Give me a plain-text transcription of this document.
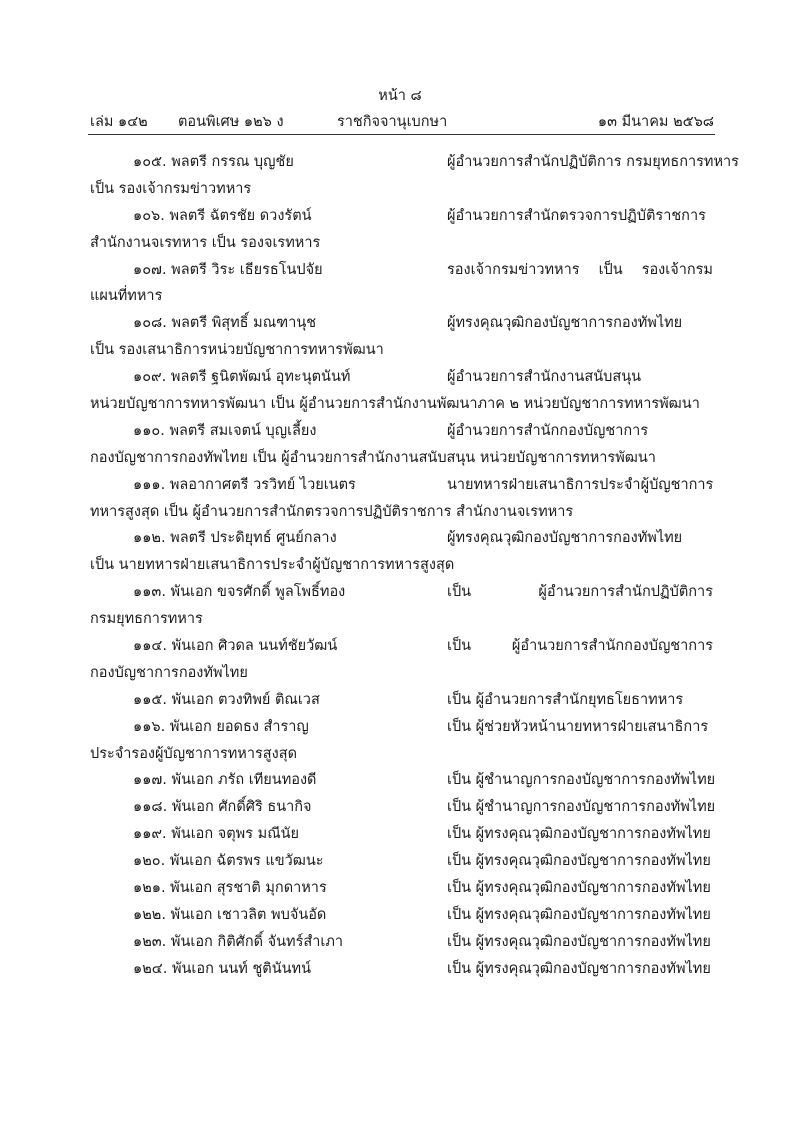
หน้า ๘
เล่ม ๑๔๒ ตอนพิเศษ ๑๒๖ ง	ราชกิจจานุเบกษา	๑๓ มีนาคม ๒๕๖๘
๑๐๕. พลตรี กรรณ บุญชัย	ผู้อำนวยการสำนักปฏิบัติการ กรมยุทธการทหาร
เป็น รองเจ้ากรมข่าวทหาร
๑๐๖. พลตรี ฉัตรชัย ดวงรัตน์	ผู้อำนวยการสำนักตรวจการปฏิบัติราชการ
สำนักงานจเรทหาร เป็น รองจเรทหาร
๑๐๗. พลตรี วิระ เธียรธโนปจัย	รองเจ้ากรมข่าวทหาร เป็น รองเจ้ากรม
แผนที่ทหาร
๑๐๘. พลตรี พิสุทธิ์ มณฑานุช	ผู้ทรงคุณวุฒิกองบัญชาการกองทัพไทย
เป็น รองเสนาธิการหน่วยบัญชาการทหารพัฒนา
๑๐๙. พลตรี ฐนิตพัฒน์ อุทะนุตนันท์	ผู้อำนวยการสำนักงานสนับสนุน
หน่วยบัญชาการทหารพัฒนา เป็น ผู้อำนวยการสำนักงานพัฒนาภาค ๒ หน่วยบัญชาการทหารพัฒนา
๑๑๐. พลตรี สมเจตน์ บุญเลี้ยง	ผู้อำนวยการสำนักกองบัญชาการ
กองบัญชาการกองทัพไทย เป็น ผู้อำนวยการสำนักงานสนับสนุน หน่วยบัญชาการทหารพัฒนา
๑๑๑. พลอากาศตรี วรวิทย์ ไวยเนตร	นายทหารฝ่ายเสนาธิการประจำผู้บัญชาการ
ทหารสูงสุด เป็น ผู้อำนวยการสำนักตรวจการปฏิบัติราชการ สำนักงานจเรทหาร
๑๑๒. พลตรี ประดิยุทธ์ ศูนย์กลาง	ผู้ทรงคุณวุฒิกองบัญชาการกองทัพไทย
เป็น นายทหารฝ่ายเสนาธิการประจำผู้บัญชาการทหารสูงสุด
๑๑๓. พันเอก ขจรศักดิ์ พูลโพธิ์ทอง	เป็น ผู้อำนวยการสำนักปฏิบัติการ
กรมยุทธการทหาร
๑๑๔. พันเอก ศิวดล นนท์ชัยวัฒน์	เป็น ผู้อำนวยการสำนักกองบัญชาการ
กองบัญชาการกองทัพไทย
๑๑๕. พันเอก ตวงทิพย์ ติณเวส	เป็น ผู้อำนวยการสำนักยุทธโยธาทหาร
๑๑๖. พันเอก ยอดธง สำราญ	เป็น ผู้ช่วยหัวหน้านายทหารฝ่ายเสนาธิการ
ประจำรองผู้บัญชาการทหารสูงสุด
๑๑๗. พันเอก ภรัถ เทียนทองดี	เป็น ผู้ชำนาญการกองบัญชาการกองทัพไทย
๑๑๘. พันเอก ศักดิ์ศิริ ธนากิจ	เป็น ผู้ชำนาญการกองบัญชาการกองทัพไทย
๑๑๙. พันเอก จตุพร มณีนัย	เป็น ผู้ทรงคุณวุฒิกองบัญชาการกองทัพไทย
๑๒๐. พันเอก ฉัตรพร แขวัฒนะ	เป็น ผู้ทรงคุณวุฒิกองบัญชาการกองทัพไทย
๑๒๑. พันเอก สุรชาติ มุกดาหาร	เป็น ผู้ทรงคุณวุฒิกองบัญชาการกองทัพไทย
๑๒๒. พันเอก เชาวลิต พบจันอัด	เป็น ผู้ทรงคุณวุฒิกองบัญชาการกองทัพไทย
๑๒๓. พันเอก กิติศักดิ์ จันทร์สำเภา	เป็น ผู้ทรงคุณวุฒิกองบัญชาการกองทัพไทย
๑๒๔. พันเอก นนท์ ชูตินันทน์	เป็น ผู้ทรงคุณวุฒิกองบัญชาการกองทัพไทย
